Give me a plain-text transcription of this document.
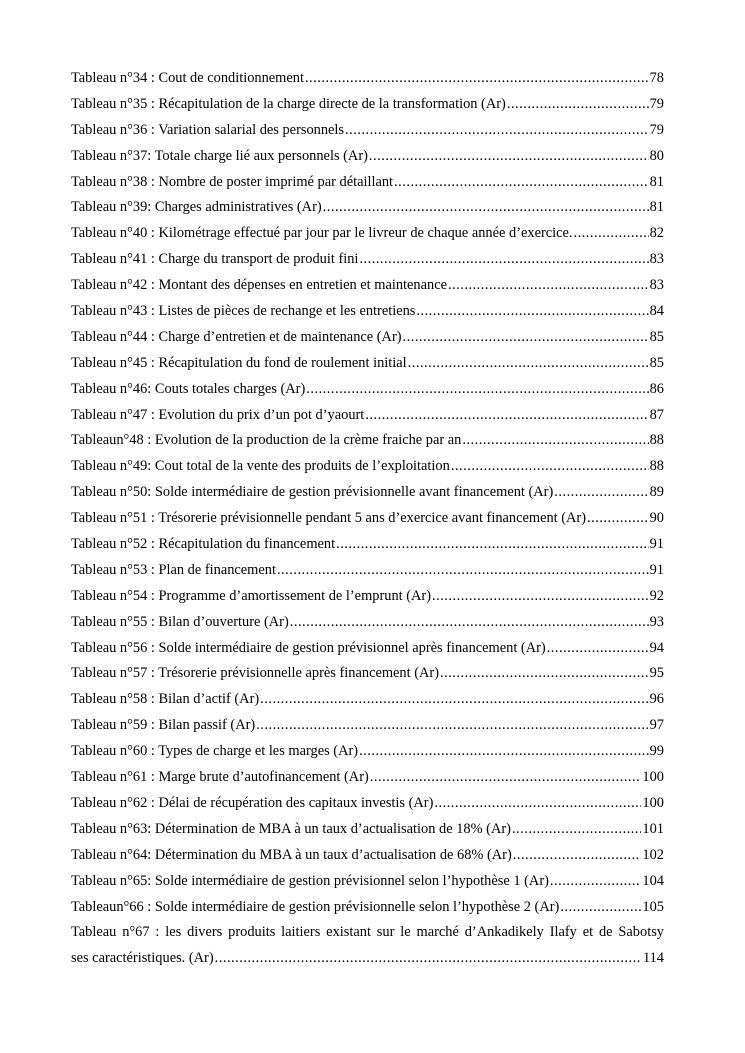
Tableau n°34 : Cout de conditionnement .....	78
Tableau n°35 : Récapitulation de la charge directe de la transformation (Ar) .....	79
Tableau n°36 : Variation salarial des personnels .....	79
Tableau n°37: Totale charge lié aux personnels (Ar) .....	80
Tableau n°38 : Nombre de poster imprimé par détaillant .....	81
Tableau n°39: Charges administratives (Ar) .....	81
Tableau n°40 : Kilométrage effectué par jour par le livreur de chaque année d’exercice. .....	82
Tableau n°41 : Charge du transport de produit fini .....	83
Tableau n°42 : Montant des dépenses en entretien et maintenance .....	83
Tableau n°43 : Listes de pièces de rechange et les entretiens .....	84
Tableau n°44 : Charge d’entretien et de maintenance (Ar) .....	85
Tableau n°45 : Récapitulation du fond de roulement initial .....	85
Tableau n°46: Couts totales charges (Ar) .....	86
Tableau n°47 : Evolution du prix d’un pot d’yaourt .....	87
Tableaun°48 : Evolution de la production de la crème fraiche par an .....	88
Tableau n°49: Cout total de la vente des produits de l’exploitation .....	88
Tableau n°50: Solde intermédiaire de gestion prévisionnelle avant financement (Ar) .....	89
Tableau n°51 : Trésorerie prévisionnelle pendant 5 ans d’exercice avant financement (Ar) .....	90
Tableau n°52 : Récapitulation du financement .....	91
Tableau n°53 : Plan de financement .....	91
Tableau n°54 : Programme d’amortissement de l’emprunt (Ar) .....	92
Tableau n°55 : Bilan d’ouverture (Ar) .....	93
Tableau n°56 : Solde intermédiaire de gestion prévisionnel après financement (Ar) .....	94
Tableau n°57 : Trésorerie prévisionnelle après financement (Ar) .....	95
Tableau n°58 : Bilan d’actif (Ar) .....	96
Tableau n°59 : Bilan passif (Ar) .....	97
Tableau n°60 : Types de charge et les marges (Ar) .....	99
Tableau n°61 : Marge brute d’autofinancement (Ar) .....	100
Tableau n°62 : Délai de récupération des capitaux investis (Ar) .....	100
Tableau n°63: Détermination de MBA à un taux d’actualisation de 18% (Ar) .....	101
Tableau n°64: Détermination du MBA à un taux d’actualisation de 68% (Ar) .....	102
Tableau n°65: Solde intermédiaire de gestion prévisionnel selon l’hypothèse 1 (Ar) .....	104
Tableaun°66 : Solde intermédiaire de gestion prévisionnelle selon l’hypothèse 2 (Ar) .....	105
Tableau n°67 : les divers produits laitiers existant sur le marché d’Ankadikely Ilafy et de Sabotsy
ses caractéristiques. (Ar) .....	114
